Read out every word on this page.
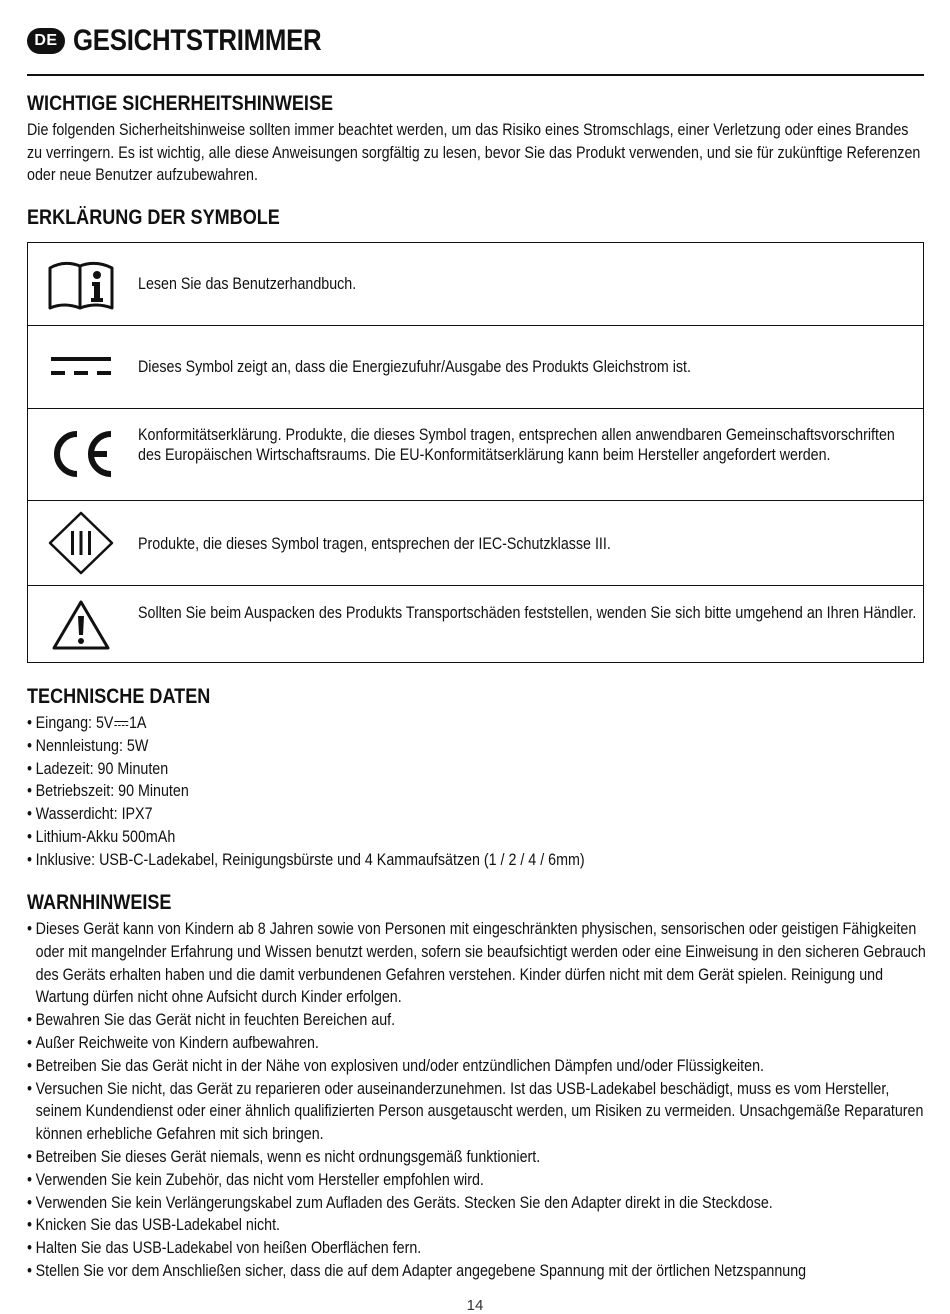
DE GESICHTSTRIMMER
WICHTIGE SICHERHEITSHINWEISE
Die folgenden Sicherheitshinweise sollten immer beachtet werden, um das Risiko eines Stromschlags, einer Verletzung oder eines Brandes zu verringern. Es ist wichtig, alle diese Anweisungen sorgfältig zu lesen, bevor Sie das Produkt verwenden, und sie für zukünftige Referenzen oder neue Benutzer aufzubewahren.
ERKLÄRUNG DER SYMBOLE
Lesen Sie das Benutzerhandbuch.
Dieses Symbol zeigt an, dass die Energiezufuhr/Ausgabe des Produkts Gleichstrom ist.
Konformitätserklärung. Produkte, die dieses Symbol tragen, entsprechen allen anwendbaren Gemeinschaftsvorschriften des Europäischen Wirtschaftsraums. Die EU-Konformitätserklärung kann beim Hersteller angefordert werden.
Produkte, die dieses Symbol tragen, entsprechen der IEC-Schutzklasse III.
Sollten Sie beim Auspacken des Produkts Transportschäden feststellen, wenden Sie sich bitte umgehend an Ihren Händler.
TECHNISCHE DATEN
• Eingang: 5V 1A
• Nennleistung: 5W
• Ladezeit: 90 Minuten
• Betriebszeit: 90 Minuten
• Wasserdicht: IPX7
• Lithium-Akku 500mAh
• Inklusive: USB-C-Ladekabel, Reinigungsbürste und 4 Kammaufsätzen (1 / 2 / 4 / 6mm)
WARNHINWEISE
• Dieses Gerät kann von Kindern ab 8 Jahren sowie von Personen mit eingeschränkten physischen, sensorischen oder geistigen Fähigkeiten oder mit mangelnder Erfahrung und Wissen benutzt werden, sofern sie beaufsichtigt werden oder eine Einweisung in den sicheren Gebrauch des Geräts erhalten haben und die damit verbundenen Gefahren verstehen. Kinder dürfen nicht mit dem Gerät spielen. Reinigung und Wartung dürfen nicht ohne Aufsicht durch Kinder erfolgen.
• Bewahren Sie das Gerät nicht in feuchten Bereichen auf.
• Außer Reichweite von Kindern aufbewahren.
• Betreiben Sie das Gerät nicht in der Nähe von explosiven und/oder entzündlichen Dämpfen und/oder Flüssigkeiten.
• Versuchen Sie nicht, das Gerät zu reparieren oder auseinanderzunehmen. Ist das USB-Ladekabel beschädigt, muss es vom Hersteller, seinem Kundendienst oder einer ähnlich qualifizierten Person ausgetauscht werden, um Risiken zu vermeiden. Unsachgemäße Reparaturen können erhebliche Gefahren mit sich bringen.
• Betreiben Sie dieses Gerät niemals, wenn es nicht ordnungsgemäß funktioniert.
• Verwenden Sie kein Zubehör, das nicht vom Hersteller empfohlen wird.
• Verwenden Sie kein Verlängerungskabel zum Aufladen des Geräts. Stecken Sie den Adapter direkt in die Steckdose.
• Knicken Sie das USB-Ladekabel nicht.
• Halten Sie das USB-Ladekabel von heißen Oberflächen fern.
• Stellen Sie vor dem Anschließen sicher, dass die auf dem Adapter angegebene Spannung mit der örtlichen Netzspannung
14
